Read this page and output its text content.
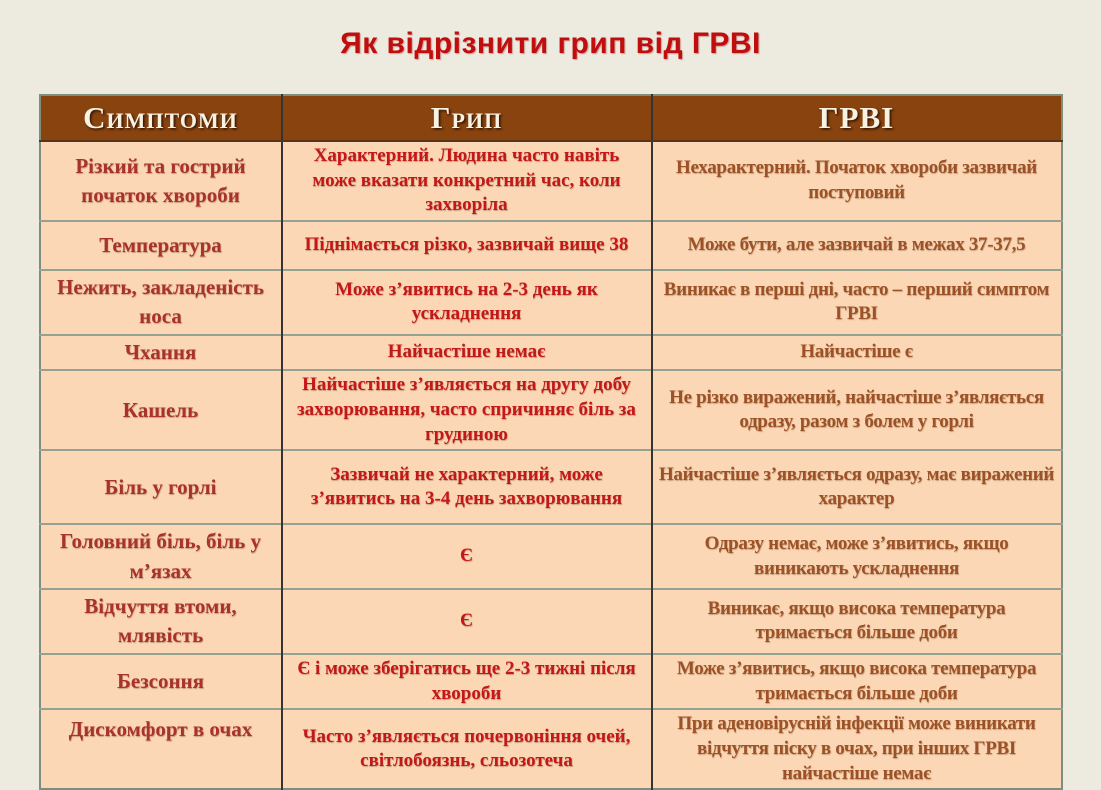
Як відрізнити грип від ГРВІ
Симптоми	Грип	ГРВІ
Різкий та гострий початок хвороби	Характерний. Людина часто навіть може вказати конкретний час, коли захворіла	Нехарактерний. Початок хвороби зазвичай поступовий
Температура	Піднімається різко, зазвичай вище 38	Може бути, але зазвичай в межах 37-37,5
Нежить, закладеність носа	Може з’явитись на 2-3 день як ускладнення	Виникає в перші дні, часто – перший симптом ГРВІ
Чхання	Найчастіше немає	Найчастіше є
Кашель	Найчастіше з’являється на другу добу захворювання, часто спричиняє біль за грудиною	Не різко виражений, найчастіше з’являється одразу, разом з болем у горлі
Біль у горлі	Зазвичай не характерний, може з’явитись на 3-4 день захворювання	Найчастіше з’являється одразу, має виражений характер
Головний біль, біль у м’язах	Є	Одразу немає, може з’явитись, якщо виникають ускладнення
Відчуття втоми, млявість	Є	Виникає, якщо висока температура тримається більше доби
Безсоння	Є і може зберігатись ще 2-3 тижні після хвороби	Може з’явитись, якщо висока температура тримається більше доби
Дискомфорт в очах	Часто з’являється почервоніння очей, світлобоязнь, сльозотеча	При аденовірусній інфекції може виникати відчуття піску в очах, при інших ГРВІ найчастіше немає
